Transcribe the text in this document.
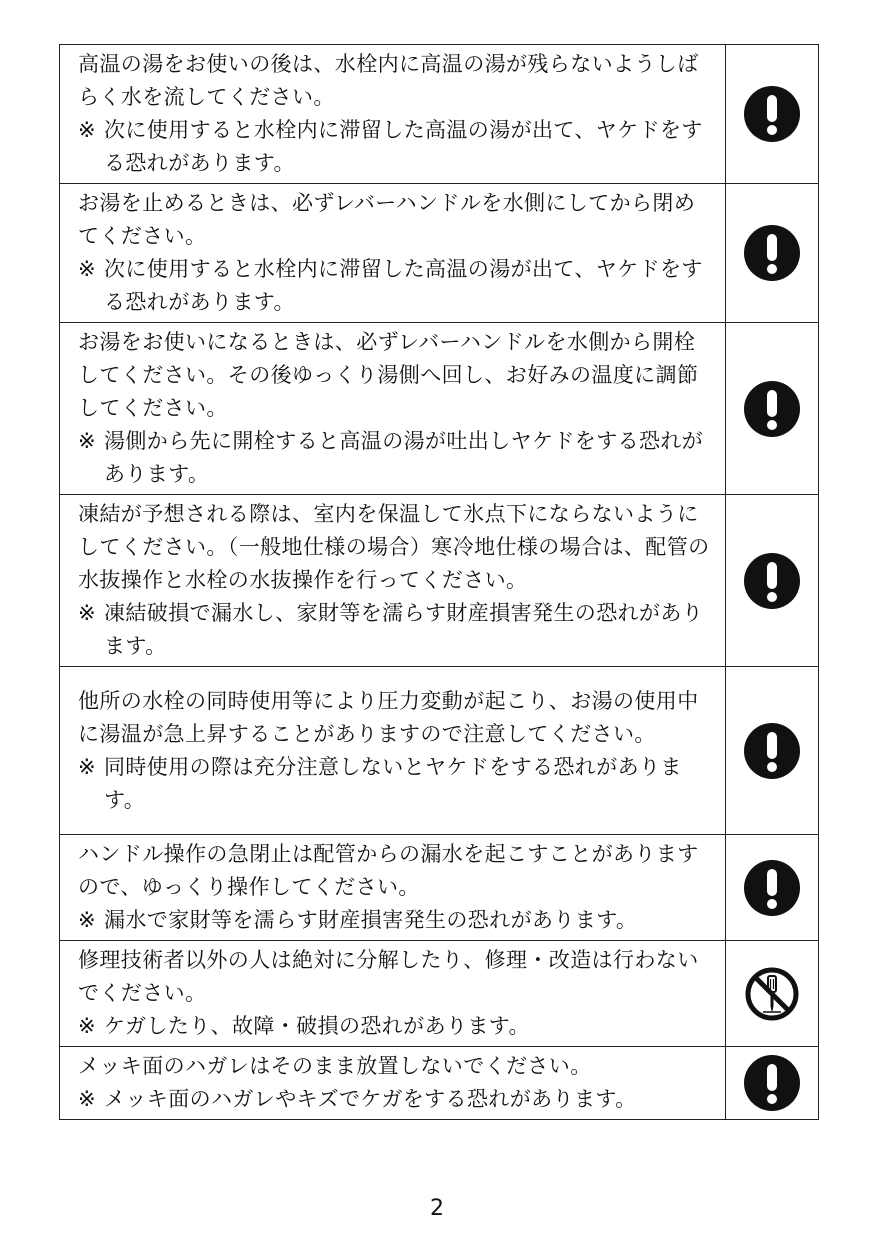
高温の湯をお使いの後は、水栓内に高温の湯が残らないようしばらく水を流してください。
※ 次に使用すると水栓内に滞留した高温の湯が出て、ヤケドをする恐れがあります。

お湯を止めるときは、必ずレバーハンドルを水側にしてから閉めてください。
※ 次に使用すると水栓内に滞留した高温の湯が出て、ヤケドをする恐れがあります。

お湯をお使いになるときは、必ずレバーハンドルを水側から開栓してください。その後ゆっくり湯側へ回し、お好みの温度に調節してください。
※ 湯側から先に開栓すると高温の湯が吐出しヤケドをする恐れがあります。

凍結が予想される際は、室内を保温して氷点下にならないようにしてください。（一般地仕様の場合）寒冷地仕様の場合は、配管の水抜操作と水栓の水抜操作を行ってください。
※ 凍結破損で漏水し、家財等を濡らす財産損害発生の恐れがあります。

他所の水栓の同時使用等により圧力変動が起こり、お湯の使用中に湯温が急上昇することがありますので注意してください。
※ 同時使用の際は充分注意しないとヤケドをする恐れがあります。

ハンドル操作の急閉止は配管からの漏水を起こすことがありますので、ゆっくり操作してください。
※ 漏水で家財等を濡らす財産損害発生の恐れがあります。

修理技術者以外の人は絶対に分解したり、修理・改造は行わないでください。
※ ケガしたり、故障・破損の恐れがあります。

メッキ面のハガレはそのまま放置しないでください。
※ メッキ面のハガレやキズでケガをする恐れがあります。

2
